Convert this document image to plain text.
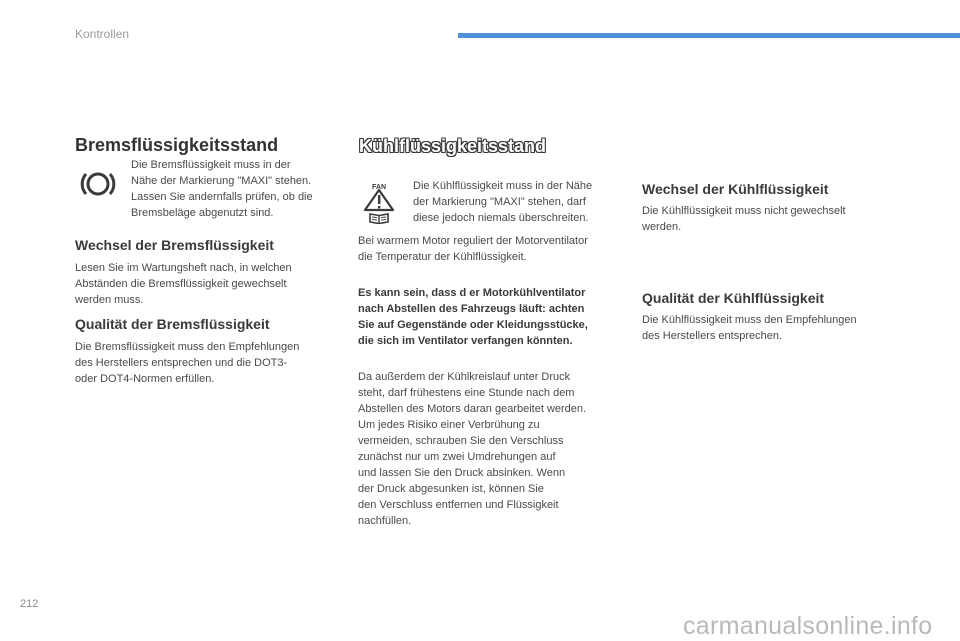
Kontrollen
212
carmanualsonline.info
Bremsflüssigkeitsstand

Die Bremsflüssigkeit muss in der

Nähe der Markierung "MAXI" stehen.

Lassen Sie andernfalls prüfen, ob die

Bremsbeläge abgenutzt sind.

Wechsel der Bremsflüssigkeit

Lesen Sie im Wartungsheft nach, in welchen

Abständen die Bremsflüssigkeit gewechselt

werden muss.

Qualität der Bremsflüssigkeit

Die Bremsflüssigkeit muss den Empfehlungen

des Herstellers entsprechen und die DOT3-

oder DOT4-Normen erfüllen.

Kühlflüssigkeitsstand
FAN Die Kühlflüssigkeit muss in der Nähe

der Markierung "MAXI" stehen, darf

diese jedoch niemals überschreiten.

Bei warmem Motor reguliert der Motorventilator

die Temperatur der Kühlflüssigkeit.

Es kann sein, dass d er Motorkühlventilator

nach Abstellen des Fahrzeugs läuft: achten

Sie auf Gegenstände oder Kleidungsstücke,

die sich im Ventilator verfangen könnten.

Da außerdem der Kühlkreislauf unter Druck

steht, darf frühestens eine Stunde nach dem

Abstellen des Motors daran gearbeitet werden.

Um jedes Risiko einer Verbrühung zu

vermeiden, schrauben Sie den Verschluss

zunächst nur um zwei Umdrehungen auf

und lassen Sie den Druck absinken. Wenn

der Druck abgesunken ist, können Sie

den Verschluss entfernen und Flüssigkeit

nachfüllen.

Wechsel der Kühlflüssigkeit

Die Kühlflüssigkeit muss nicht gewechselt

werden.

Qualität der Kühlflüssigkeit

Die Kühlflüssigkeit muss den Empfehlungen

des Herstellers entsprechen.
